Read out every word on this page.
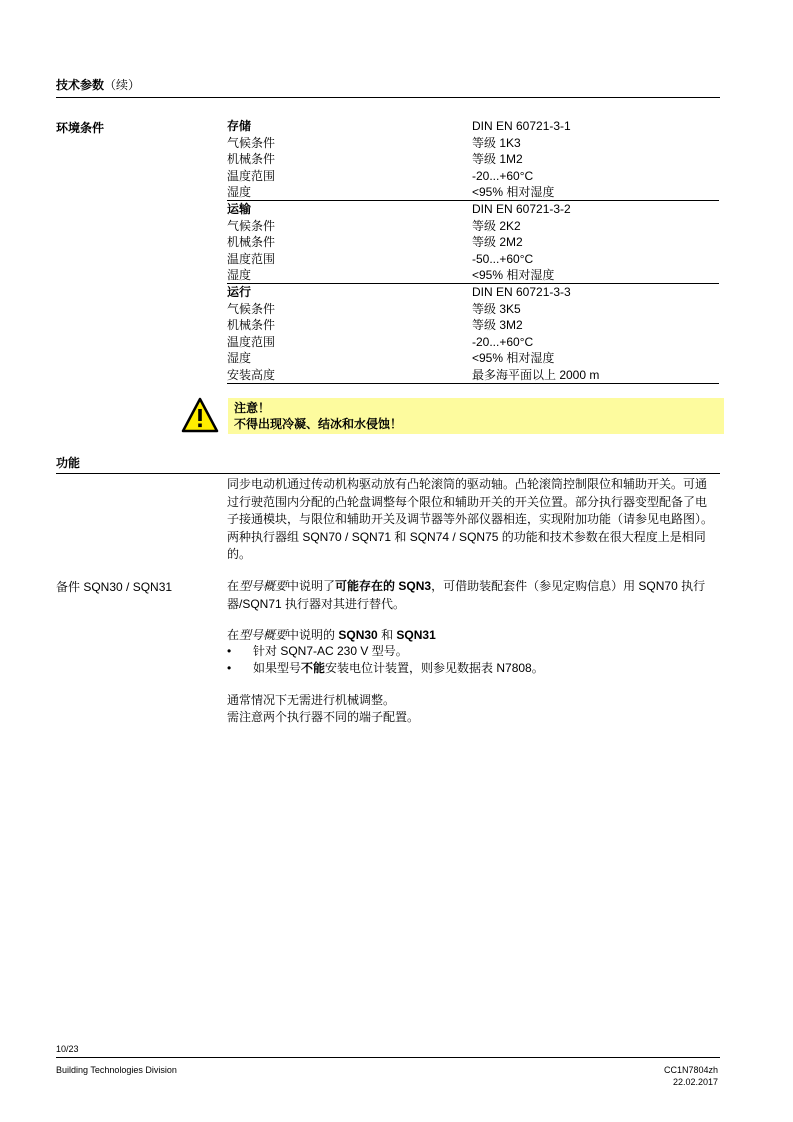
技术参数（续）
环境条件	存储	DIN EN 60721-3-1
气候条件	等级 1K3
机械条件	等级 1M2
温度范围	-20...+60°C
湿度	<95% 相对湿度
运输	DIN EN 60721-3-2
气候条件	等级 2K2
机械条件	等级 2M2
温度范围	-50...+60°C
湿度	<95% 相对湿度
运行	DIN EN 60721-3-3
气候条件	等级 3K5
机械条件	等级 3M2
温度范围	-20...+60°C
湿度	<95% 相对湿度
安装高度	最多海平面以上 2000 m
注意！
不得出现冷凝、结冰和水侵蚀！
功能
同步电动机通过传动机构驱动放有凸轮滚筒的驱动轴。凸轮滚筒控制限位和辅助开关。可通过行驶范围内分配的凸轮盘调整每个限位和辅助开关的开关位置。部分执行器变型配备了电子接通模块，与限位和辅助开关及调节器等外部仪器相连，实现附加功能（请参见电路图）。两种执行器组 SQN70 / SQN71 和 SQN74 / SQN75 的功能和技术参数在很大程度上是相同的。
备件 SQN30 / SQN31	在型号概要中说明了可能存在的 SQN3，可借助装配套件（参见定购信息）用 SQN70 执行器/SQN71 执行器对其进行替代。
在型号概要中说明的 SQN30 和 SQN31
• 针对 SQN7-AC 230 V 型号。
• 如果型号不能安装电位计装置，则参见数据表 N7808。
通常情况下无需进行机械调整。
需注意两个执行器不同的端子配置。
10/23
Building Technologies Division	CC1N7804zh
22.02.2017
